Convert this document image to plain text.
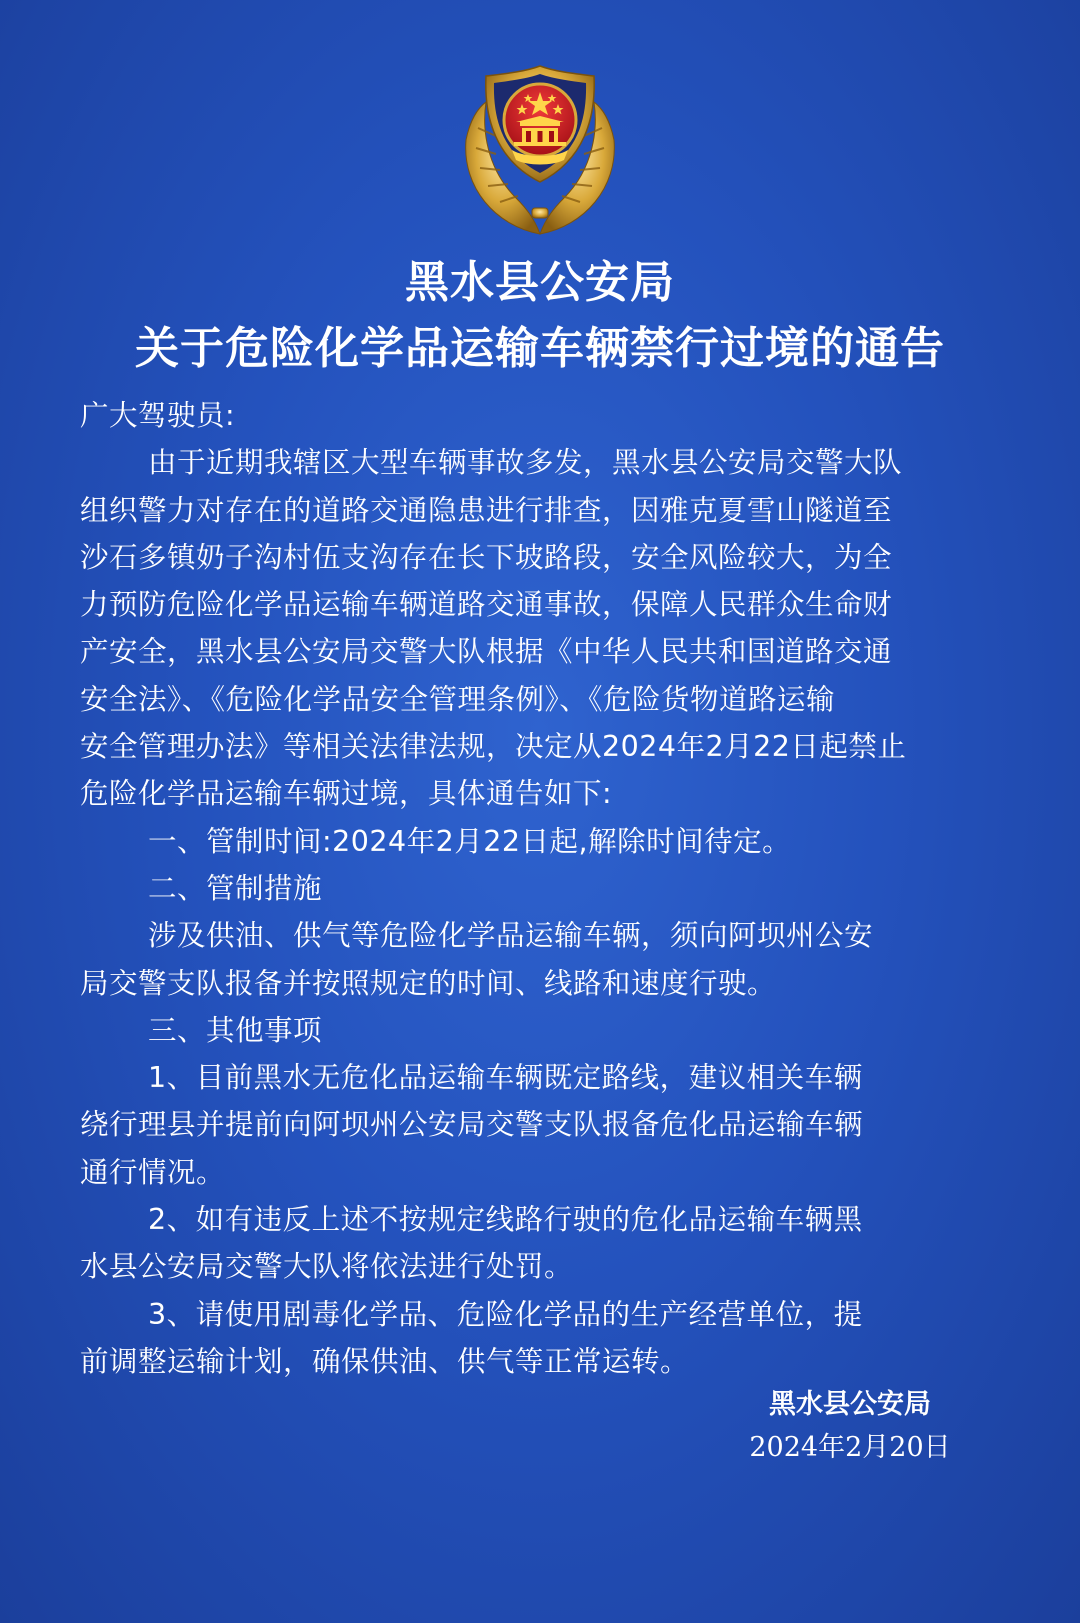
黑水县公安局
关于危险化学品运输车辆禁行过境的通告
广大驾驶员:
由于近期我辖区大型车辆事故多发，黑水县公安局交警大队
组织警力对存在的道路交通隐患进行排查，因雅克夏雪山隧道至
沙石多镇奶子沟村伍支沟存在长下坡路段，安全风险较大，为全
力预防危险化学品运输车辆道路交通事故，保障人民群众生命财
产安全，黑水县公安局交警大队根据《中华人民共和国道路交通
安全法》、《危险化学品安全管理条例》、《危险货物道路运输
安全管理办法》等相关法律法规，决定从2024年2月22日起禁止
危险化学品运输车辆过境，具体通告如下:
一、管制时间:2024年2月22日起,解除时间待定。
二、管制措施
涉及供油、供气等危险化学品运输车辆，须向阿坝州公安
局交警支队报备并按照规定的时间、线路和速度行驶。
三、其他事项
1、目前黑水无危化品运输车辆既定路线，建议相关车辆
绕行理县并提前向阿坝州公安局交警支队报备危化品运输车辆
通行情况。
2、如有违反上述不按规定线路行驶的危化品运输车辆黑
水县公安局交警大队将依法进行处罚。
3、请使用剧毒化学品、危险化学品的生产经营单位，提
前调整运输计划，确保供油、供气等正常运转。
黑水县公安局
2024年2月20日
